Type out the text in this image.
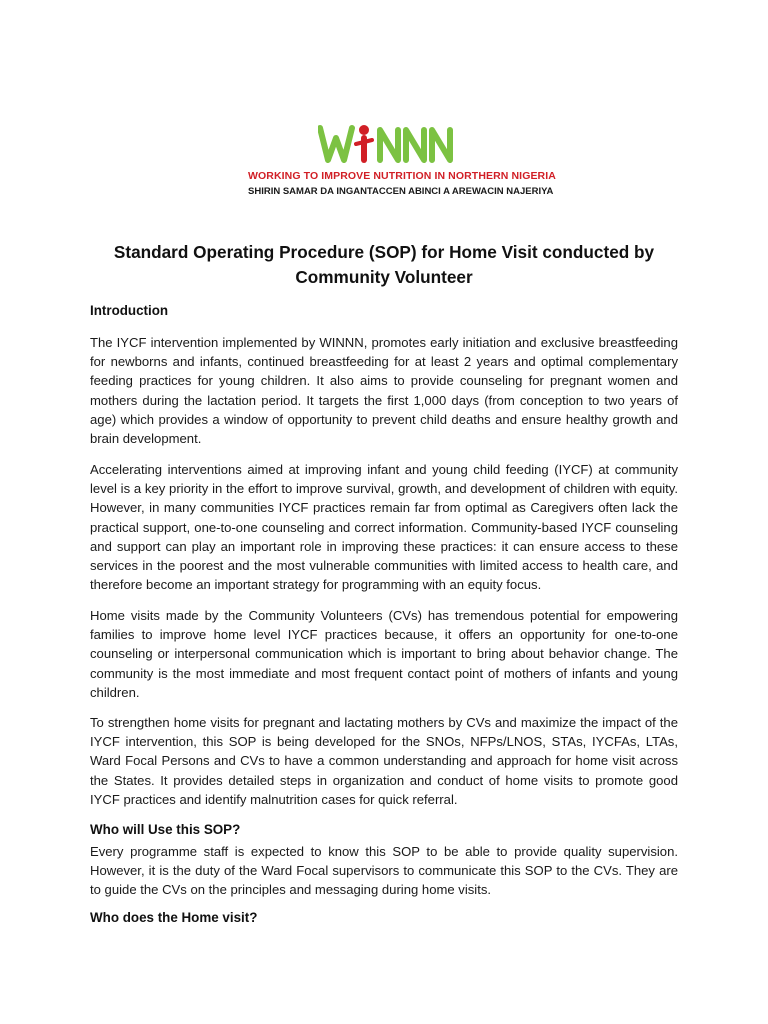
WORKING TO IMPROVE NUTRITION IN NORTHERN NIGERIA
SHIRIN SAMAR DA INGANTACCEN ABINCI A AREWACIN NAJERIYA
Standard Operating Procedure (SOP) for Home Visit conducted by Community Volunteer
Introduction

The IYCF intervention implemented by WINNN, promotes early initiation and exclusive breastfeeding for newborns and infants, continued breastfeeding for at least 2 years and optimal complementary feeding practices for young children. It also aims to provide counseling for pregnant women and mothers during the lactation period. It targets the first 1,000 days (from conception to two years of age) which provides a window of opportunity to prevent child deaths and ensure healthy growth and brain development.

Accelerating interventions aimed at improving infant and young child feeding (IYCF) at community level is a key priority in the effort to improve survival, growth, and development of children with equity. However, in many communities IYCF practices remain far from optimal as Caregivers often lack the practical support, one-to-one counseling and correct information. Community-based IYCF counseling and support can play an important role in improving these practices: it can ensure access to these services in the poorest and the most vulnerable communities with limited access to health care, and therefore become an important strategy for programming with an equity focus.

Home visits made by the Community Volunteers (CVs) has tremendous potential for empowering families to improve home level IYCF practices because, it offers an opportunity for one-to-one counseling or interpersonal communication which is important to bring about behavior change. The community is the most immediate and most frequent contact point of mothers of infants and young children.

To strengthen home visits for pregnant and lactating mothers by CVs and maximize the impact of the IYCF intervention, this SOP is being developed for the SNOs, NFPs/LNOS, STAs, IYCFAs, LTAs, Ward Focal Persons and CVs to have a common understanding and approach for home visit across the States. It provides detailed steps in organization and conduct of home visits to promote good IYCF practices and identify malnutrition cases for quick referral.

Who will Use this SOP?

Every programme staff is expected to know this SOP to be able to provide quality supervision. However, it is the duty of the Ward Focal supervisors to communicate this SOP to the CVs. They are to guide the CVs on the principles and messaging during home visits.

Who does the Home visit?
